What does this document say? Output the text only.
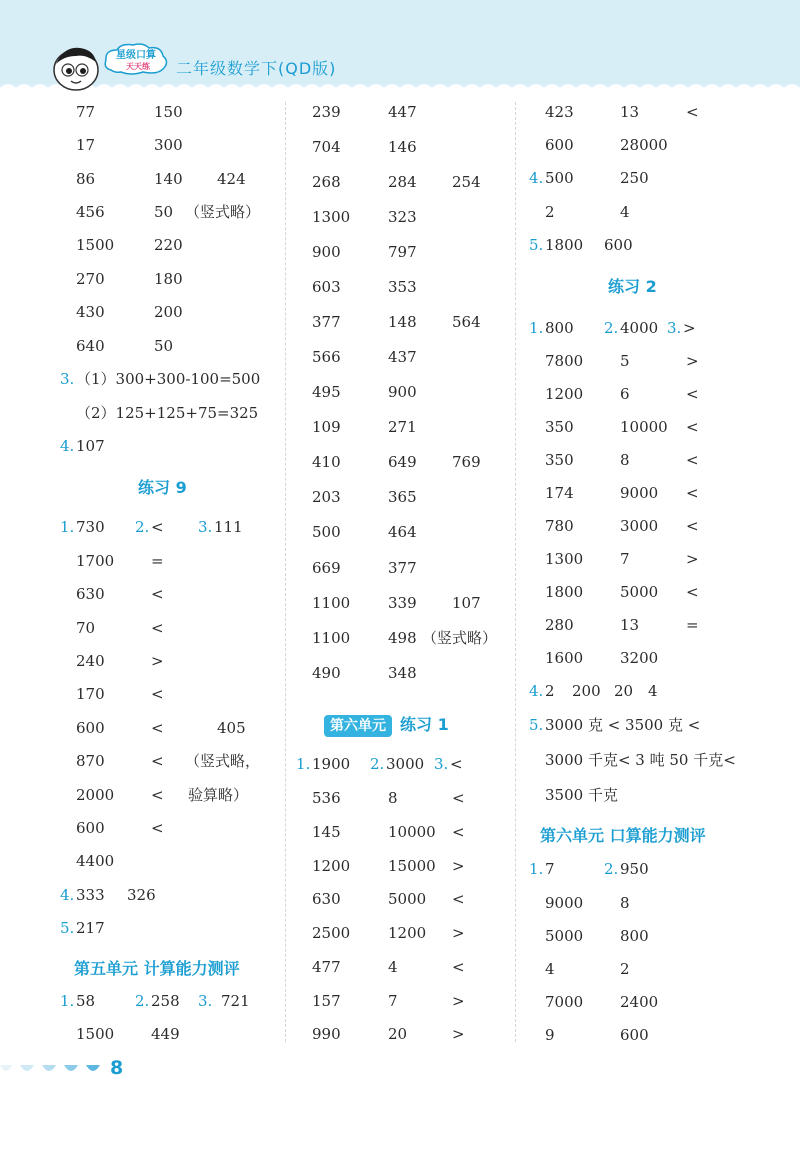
星级口算
天天练 二年级数学下(QD版)
77	150
17	300
86	140 424
456	50 （竖式略）
1500	220
270	180
430	200
640	50
3. （1）300+300-100=500
（2）125+125+75=325
4. 107
练习 9
1. 730 2. < 3. 111
1700 =
630	<
70	<
240	>
170	<
600	<	405
870	< （竖式略，
2000 < 验算略）
600	<
4400
4. 333 326
5. 217
第五单元 计算能力测评
1. 58	2. 258 3. 721
1500 449
239	447
704	146
268	284 254
1300	323
900	797
603	353
377	148 564
566	437
495	900
109	271
410	649 769
203	365
500	464
669	377
1100	339 107
1100	498 （竖式略）
490	348
第六单元 练习 1
1. 1900 2. 3000 3. <
536	8	<
145	10000 <
1200	15000 >
630	5000 <
2500	1200 >
477	4	<
157	7	>
990	20	>
423	13	<
600	28000
4. 500	250
2	4
5. 1800 600
练习 2
1. 800 2. 4000 3. >
7800 5	>
1200 6	<
350	10000 <
350	8	<
174	9000 <
780	3000 <
1300 7	>
1800 5000 <
280	13	=
1600 3200
4. 2 200 20 4
5. 3000 克 < 3500 克 <
3000 千克< 3 吨 50 千克<
3500 千克
第六单元 口算能力测评
1. 7	2. 950
9000 8
5000 800
4	2
7000 2400
9	600
8
